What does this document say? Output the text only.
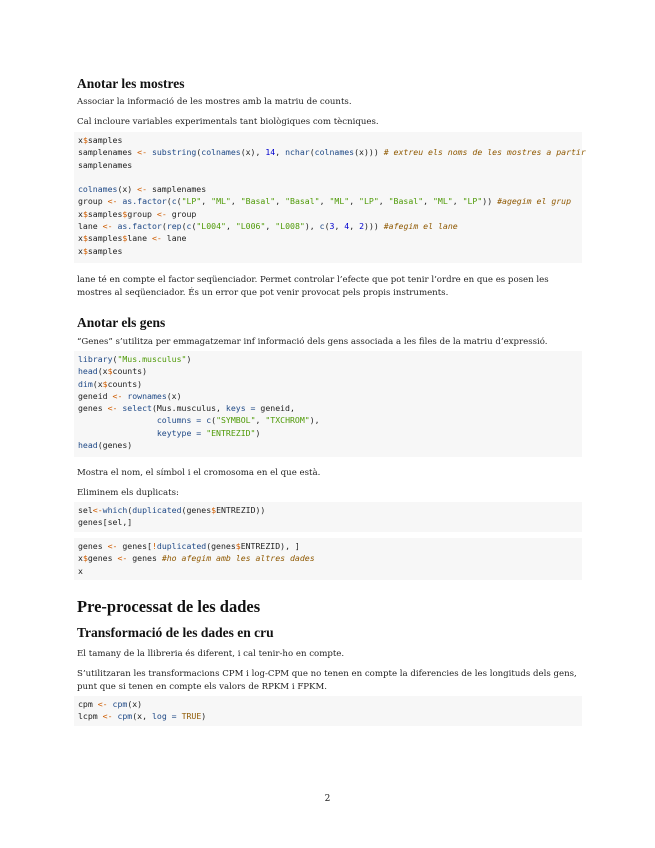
Anotar les mostres

Associar la informació de les mostres amb la matriu de counts.

Cal incloure variables experimentals tant biològiques com tècniques.

x$samples
samplenames <- substring(colnames(x), 14, nchar(colnames(x))) # extreu els noms de les mostres a partir
samplenames
colnames(x) <- samplenames
group <- as.factor(c("LP", "ML", "Basal", "Basal", "ML", "LP", "Basal", "ML", "LP")) #agegim el grup
x$samples$group <- group
lane <- as.factor(rep(c("L004", "L006", "L008"), c(3, 4, 2))) #afegim el lane
x$samples$lane <- lane
x$samples

lane té en compte el factor seqüenciador. Permet controlar l’efecte que pot tenir l’ordre en que es posen les mostres al seqüenciador. És un error que pot venir provocat pels propis instruments.

Anotar els gens

“Genes” s’utilitza per emmagatzemar inf informació dels gens associada a les files de la matriu d’expressió.

library("Mus.musculus")
head(x$counts)
dim(x$counts)
geneid <- rownames(x)
genes <- select(Mus.musculus, keys = geneid,
columns = c("SYMBOL", "TXCHROM"),
keytype = "ENTREZID")
head(genes)

Mostra el nom, el símbol i el cromosoma en el que està.

Eliminem els duplicats:

sel<-which(duplicated(genes$ENTREZID))
genes[sel,]
genes <- genes[!duplicated(genes$ENTREZID), ]
x$genes <- genes #ho afegim amb les altres dades
x
Pre-processat de les dades
Transformació de les dades en cru

El tamany de la llibreria és diferent, i cal tenir-ho en compte.

S’utilitzaran les transformacions CPM i log-CPM que no tenen en compte la diferencies de les longituds dels gens, punt que si tenen en compte els valors de RPKM i FPKM.

cpm <- cpm(x)
lcpm <- cpm(x, log = TRUE)
2
